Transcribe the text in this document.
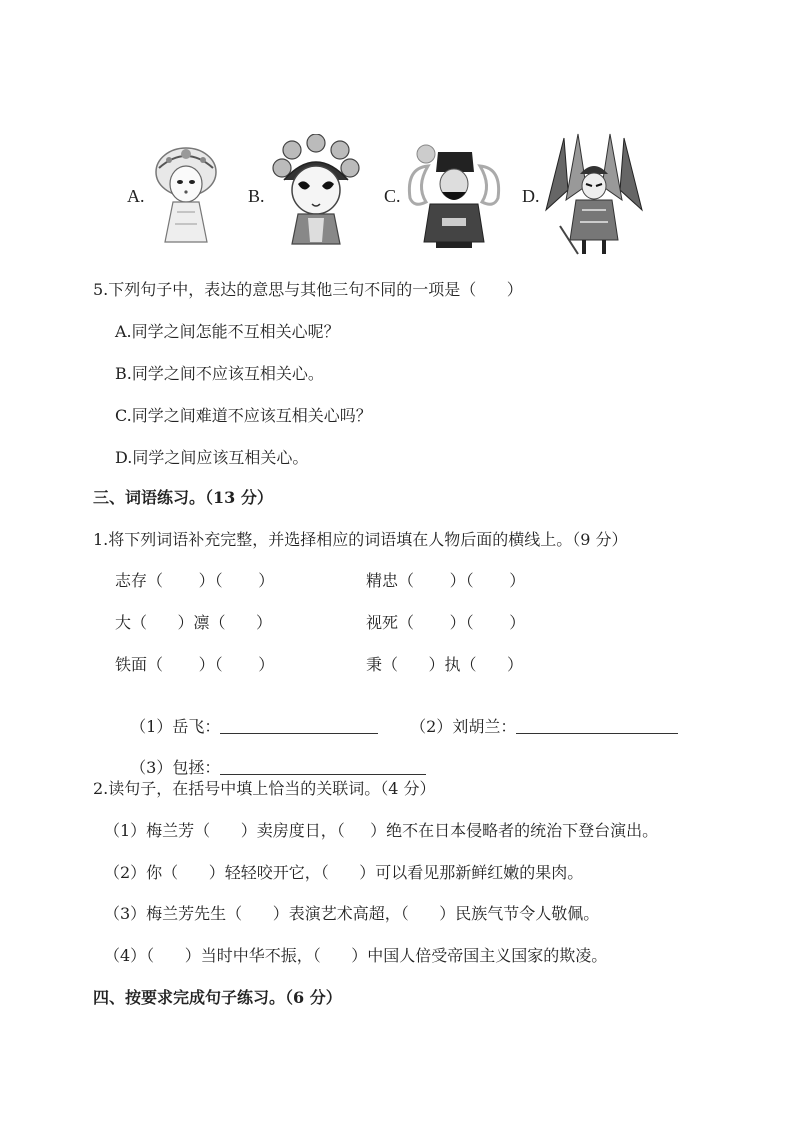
A.	B.	C.	D.
5.下列句子中，表达的意思与其他三句不同的一项是（      ）
A.同学之间怎能不互相关心呢？
B.同学之间不应该互相关心。
C.同学之间难道不应该互相关心吗？
D.同学之间应该互相关心。
三、词语练习。（13 分）
1.将下列词语补充完整，并选择相应的词语填在人物后面的横线上。（9 分）
志存（       ）（       ）	精忠（       ）（       ）
大（      ）凛（      ）	视死（       ）（       ）
铁面（       ）（       ）	秉（      ）执（      ）

（1）岳飞：	（2）刘胡兰：

（3）包拯：

2.读句子，在括号中填上恰当的关联词。（4 分）
（1）梅兰芳（      ）卖房度日，（     ）绝不在日本侵略者的统治下登台演出。
（2）你（      ）轻轻咬开它，（      ）可以看见那新鲜红嫩的果肉。
（3）梅兰芳先生（      ）表演艺术高超，（      ）民族气节令人敬佩。
（4）（      ）当时中华不振，（      ）中国人倍受帝国主义国家的欺凌。
四、按要求完成句子练习。（6 分）
